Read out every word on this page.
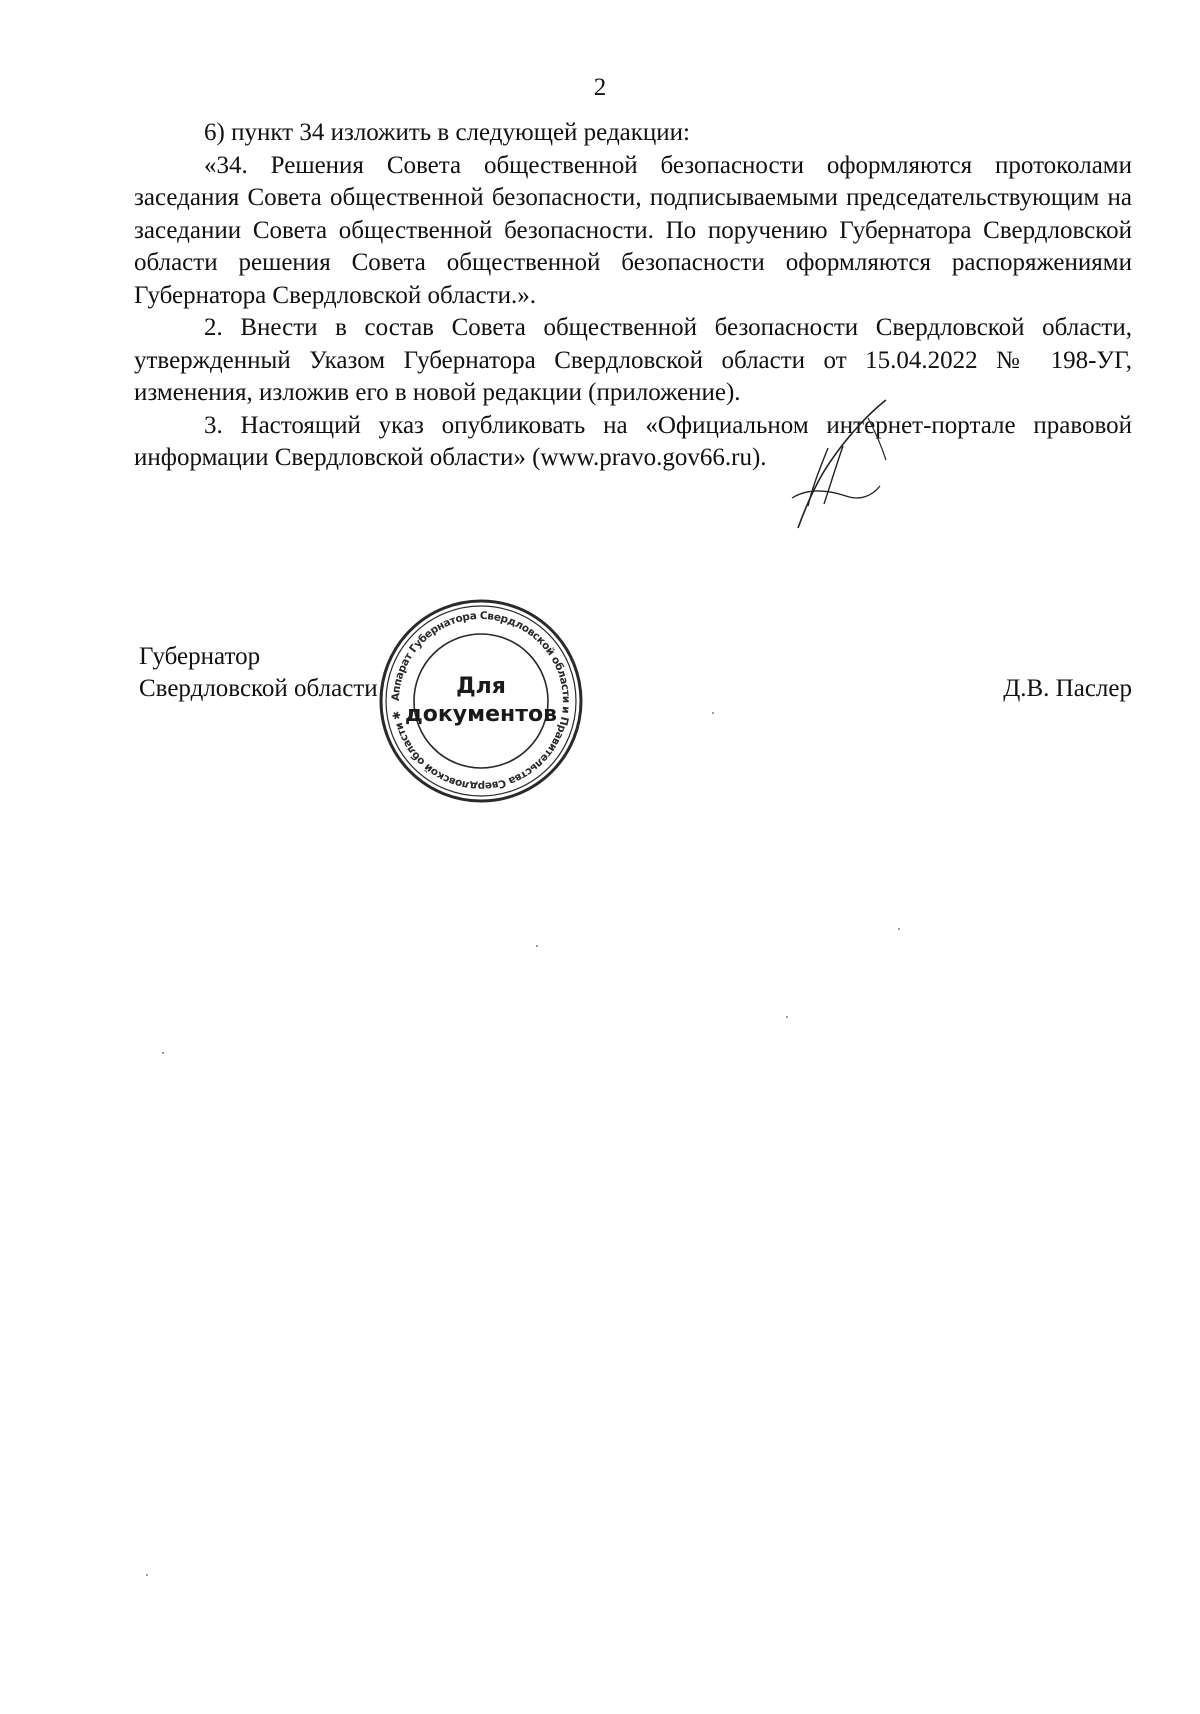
2

6) пункт 34 изложить в следующей редакции:

«34. Решения Совета общественной безопасности оформляются протоколами заседания Совета общественной безопасности, подписываемыми председательствующим на заседании Совета общественной безопасности. По поручению Губернатора Свердловской области решения Совета общественной безопасности оформляются распоряжениями Губернатора Свердловской области.».

2. Внести в состав Совета общественной безопасности Свердловской области, утвержденный Указом Губернатора Свердловской области от 15.04.2022 № 198-УГ, изменения, изложив его в новой редакции (приложение).

3. Настоящий указ опубликовать на «Официальном интернет-портале правовой информации Свердловской области» (www.pravo.gov66.ru).

Губернатор
Свердловской области	Д.В. Паслер
Аппарат Губернатора Свердловской области и Правительства Свердловской области ✱
Для
документов
